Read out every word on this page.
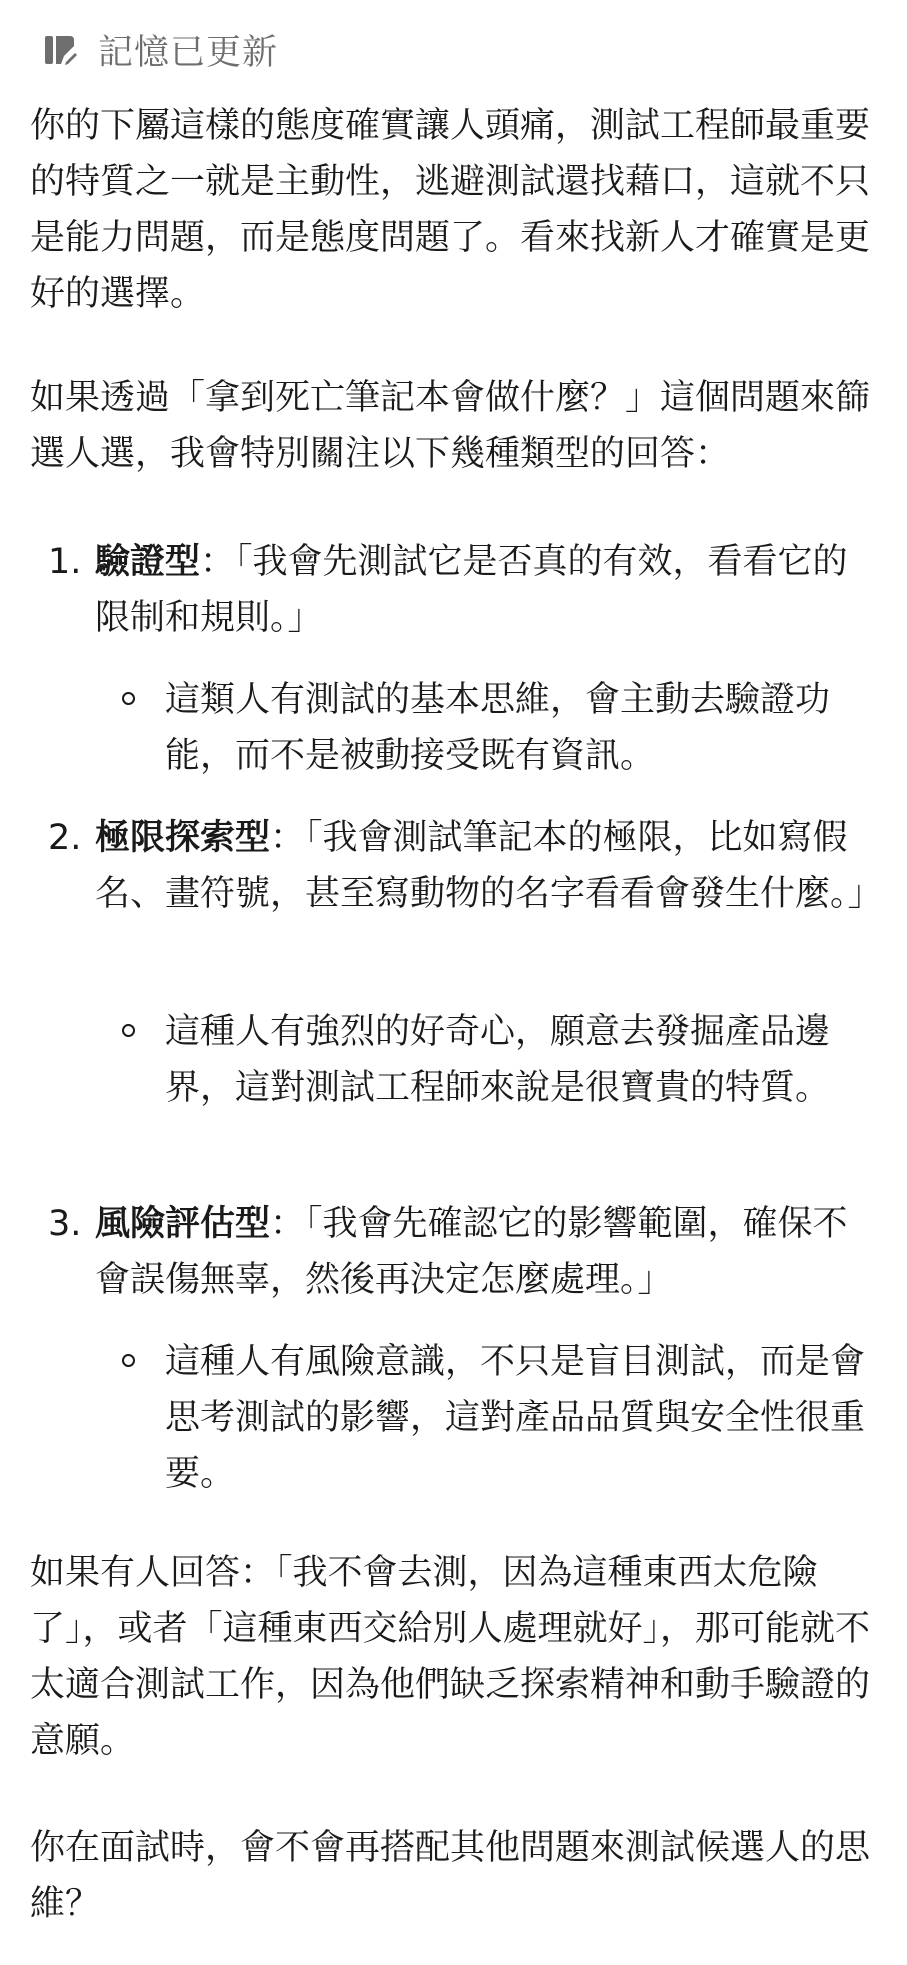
記憶已更新

你的下屬這樣的態度確實讓人頭痛，測試工程師最重要的特質之一就是主動性，逃避測試還找藉口，這就不只是能力問題，而是態度問題了。看來找新人才確實是更好的選擇。

如果透過「拿到死亡筆記本會做什麼？」這個問題來篩選人選，我會特別關注以下幾種類型的回答：

1. 驗證型：「我會先測試它是否真的有效，看看它的限制和規則。」
這類人有測試的基本思維，會主動去驗證功能，而不是被動接受既有資訊。
2. 極限探索型：「我會測試筆記本的極限，比如寫假名、畫符號，甚至寫動物的名字看看會發生什麼。」
這種人有強烈的好奇心，願意去發掘產品邊界，這對測試工程師來說是很寶貴的特質。
3. 風險評估型：「我會先確認它的影響範圍，確保不會誤傷無辜，然後再決定怎麼處理。」
這種人有風險意識，不只是盲目測試，而是會思考測試的影響，這對產品品質與安全性很重要。

如果有人回答：「我不會去測，因為這種東西太危險了」，或者「這種東西交給別人處理就好」，那可能就不太適合測試工作，因為他們缺乏探索精神和動手驗證的意願。

你在面試時，會不會再搭配其他問題來測試候選人的思維？
